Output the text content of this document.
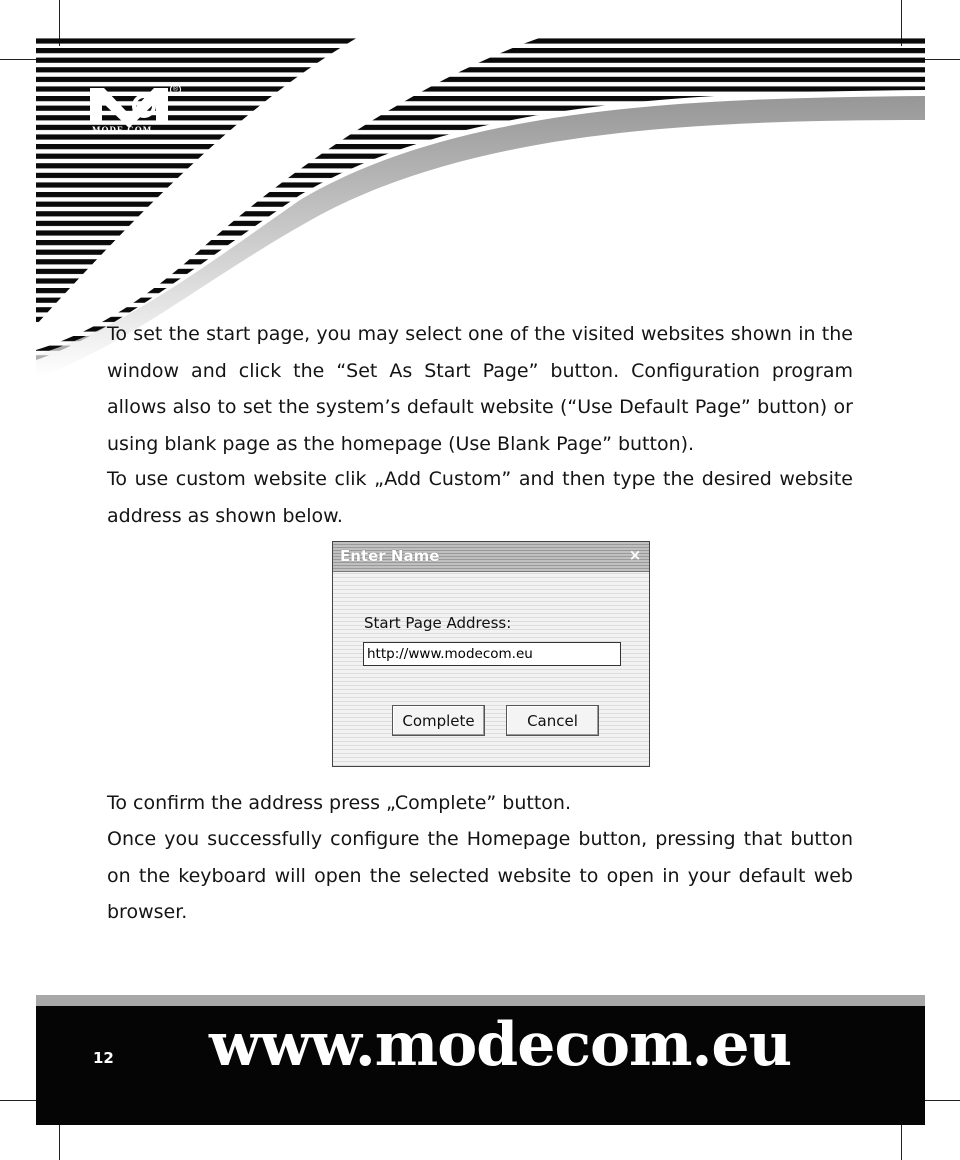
®
MODE COM

To set the start page, you may select one of the visited websites shown in the window and click the “Set As Start Page” button. Configuration program allows also to set the system’s default website (“Use Default Page” button) or using blank page as the homepage (Use Blank Page” button).

To use custom website clik „Add Custom” and then type the desired website address as shown below.

Enter Name	×
Start Page Address:
http://www.modecom.eu
Complete	Cancel

To confirm the address press „Complete” button.

Once you successfully configure the Homepage button, pressing that button on the keyboard will open the selected website to open in your default web browser.

12 www.modecom.eu
